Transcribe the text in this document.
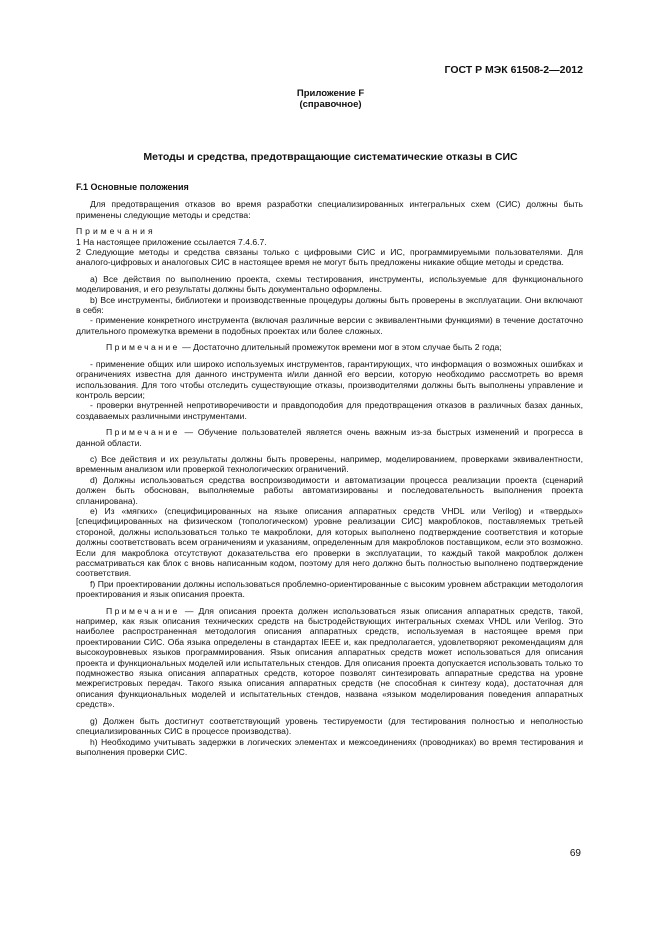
ГОСТ Р МЭК 61508-2—2012
Приложение F
(справочное)
Методы и средства, предотвращающие систематические отказы в СИС

F.1 Основные положения

Для предотвращения отказов во время разработки специализированных интегральных схем (СИС) должны быть применены следующие методы и средства:

Примечания

1 На настоящее приложение ссылается 7.4.6.7.

2 Следующие методы и средства связаны только с цифровыми СИС и ИС, программируемыми пользователями. Для аналого-цифровых и аналоговых СИС в настоящее время не могут быть предложены никакие общие методы и средства.

а) Все действия по выполнению проекта, схемы тестирования, инструменты, используемые для функционального моделирования, и его результаты должны быть документально оформлены.

b) Все инструменты, библиотеки и производственные процедуры должны быть проверены в эксплуатации. Они включают в себя:

- применение конкретного инструмента (включая различные версии с эквивалентными функциями) в течение достаточно длительного промежутка времени в подобных проектах или более сложных.

Примечание — Достаточно длительный промежуток времени мог в этом случае быть 2 года;

- применение общих или широко используемых инструментов, гарантирующих, что информация о возможных ошибках и ограничениях известна для данного инструмента и/или данной его версии, которую необходимо рассмотреть во время использования. Для того чтобы отследить существующие отказы, производителями должны быть выполнены управление и контроль версии;

- проверки внутренней непротиворечивости и правдоподобия для предотвращения отказов в различных базах данных, создаваемых различными инструментами.

Примечание — Обучение пользователей является очень важным из-за быстрых изменений и прогресса в данной области.

с) Все действия и их результаты должны быть проверены, например, моделированием, проверками эквивалентности, временным анализом или проверкой технологических ограничений.

d) Должны использоваться средства воспроизводимости и автоматизации процесса реализации проекта (сценарий должен быть обоснован, выполняемые работы автоматизированы и последовательность выполнения проекта спланирована).

е) Из «мягких» (специфицированных на языке описания аппаратных средств VHDL или Verilog) и «твердых» [специфицированных на физическом (топологическом) уровне реализации СИС] макроблоков, поставляемых третьей стороной, должны использоваться только те макроблоки, для которых выполнено подтверждение соответствия и которые должны соответствовать всем ограничениям и указаниям, определенным для макроблоков поставщиком, если это возможно. Если для макроблока отсутствуют доказательства его проверки в эксплуатации, то каждый такой макроблок должен рассматриваться как блок с вновь написанным кодом, поэтому для него должно быть полностью выполнено подтверждение соответствия.

f) При проектировании должны использоваться проблемно-ориентированные с высоким уровнем абстракции методология проектирования и язык описания проекта.

Примечание — Для описания проекта должен использоваться язык описания аппаратных средств, такой, например, как язык описания технических средств на быстродействующих интегральных схемах VHDL или Verilog. Это наиболее распространенная методология описания аппаратных средств, используемая в настоящее время при проектировании СИС. Оба языка определены в стандартах IEEE и, как предполагается, удовлетворяют рекомендациям для высокоуровневых языков программирования. Язык описания аппаратных средств может использоваться для описания проекта и функциональных моделей или испытательных стендов. Для описания проекта допускается использовать только то подмножество языка описания аппаратных средств, которое позволят синтезировать аппаратные средства на уровне межрегистровых передач. Такого языка описания аппаратных средств (не способная к синтезу кода), достаточная для описания функциональных моделей и испытательных стендов, названа «языком моделирования поведения аппаратных средств».

g) Должен быть достигнут соответствующий уровень тестируемости (для тестирования полностью и неполностью специализированных СИС в процессе производства).

h) Необходимо учитывать задержки в логических элементах и межсоединениях (проводниках) во время тестирования и выполнения проверки СИС.

69
